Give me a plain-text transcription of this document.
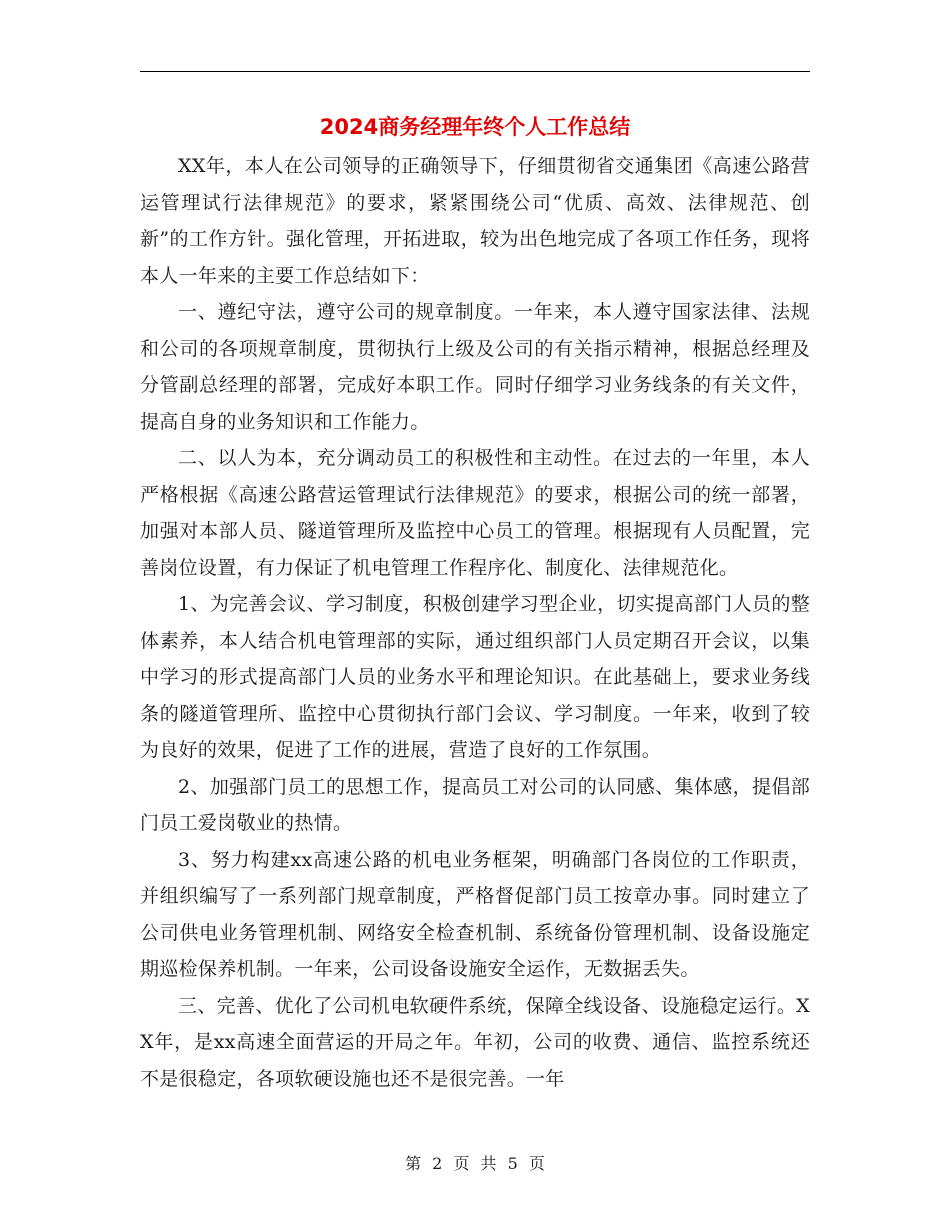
2024商务经理年终个人工作总结

XX年，本人在公司领导的正确领导下，仔细贯彻省交通集团《高速公路营运管理试行法律规范》的要求，紧紧围绕公司“优质、高效、法律规范、创新”的工作方针。强化管理，开拓进取，较为出色地完成了各项工作任务，现将本人一年来的主要工作总结如下：

一、遵纪守法，遵守公司的规章制度。一年来，本人遵守国家法律、法规和公司的各项规章制度，贯彻执行上级及公司的有关指示精神，根据总经理及分管副总经理的部署，完成好本职工作。同时仔细学习业务线条的有关文件，提高自身的业务知识和工作能力。

二、以人为本，充分调动员工的积极性和主动性。在过去的一年里，本人严格根据《高速公路营运管理试行法律规范》的要求，根据公司的统一部署，加强对本部人员、隧道管理所及监控中心员工的管理。根据现有人员配置，完善岗位设置，有力保证了机电管理工作程序化、制度化、法律规范化。

1、为完善会议、学习制度，积极创建学习型企业，切实提高部门人员的整体素养，本人结合机电管理部的实际，通过组织部门人员定期召开会议，以集中学习的形式提高部门人员的业务水平和理论知识。在此基础上，要求业务线条的隧道管理所、监控中心贯彻执行部门会议、学习制度。一年来，收到了较为良好的效果，促进了工作的进展，营造了良好的工作氛围。

2、加强部门员工的思想工作，提高员工对公司的认同感、集体感，提倡部门员工爱岗敬业的热情。

3、努力构建xx高速公路的机电业务框架，明确部门各岗位的工作职责，并组织编写了一系列部门规章制度，严格督促部门员工按章办事。同时建立了公司供电业务管理机制、网络安全检查机制、系统备份管理机制、设备设施定期巡检保养机制。一年来，公司设备设施安全运作，无数据丢失。

三、完善、优化了公司机电软硬件系统，保障全线设备、设施稳定运行。XX年，是xx高速全面营运的开局之年。年初，公司的收费、通信、监控系统还不是很稳定，各项软硬设施也还不是很完善。一年

第 2 页 共 5 页
